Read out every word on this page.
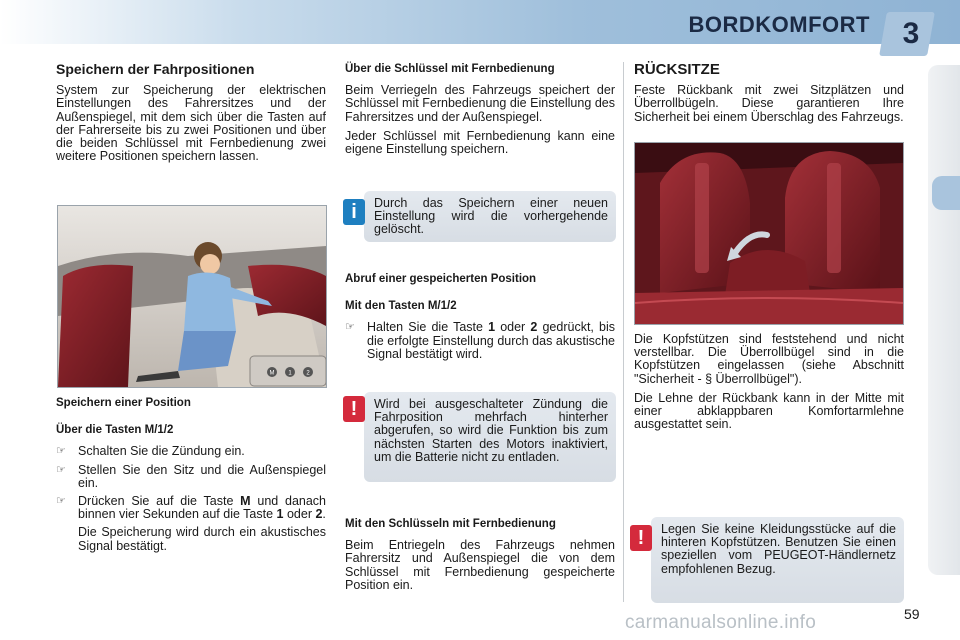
BORDKOMFORT	3
Speichern der Fahrpositionen

System zur Speicherung der elektrischen Einstellungen des Fahrersitzes und der Außenspiegel, mit dem sich über die Tasten auf der Fahrerseite bis zu zwei Positionen und über die beiden Schlüssel mit Fernbedienung zwei weitere Positionen speichern lassen.

M 1 2
Speichern einer Position
Über die Tasten M/1/2
☞ Schalten Sie die Zündung ein.
☞ Stellen Sie den Sitz und die Außenspiegel ein.
☞ Drücken Sie auf die Taste M und danach binnen vier Sekunden auf die Taste 1 oder 2.

Die Speicherung wird durch ein akustisches Signal bestätigt.

Über die Schlüssel mit Fernbedienung

Beim Verriegeln des Fahrzeugs speichert der Schlüssel mit Fernbedienung die Einstellung des Fahrersitzes und der Außenspiegel.

Jeder Schlüssel mit Fernbedienung kann eine eigene Einstellung speichern.

Durch das Speichern einer neuen Einstellung wird die vorhergehende gelöscht.
i
Abruf einer gespeicherten Position
Mit den Tasten M/1/2
☞ Halten Sie die Taste 1 oder 2 gedrückt, bis die erfolgte Einstellung durch das akustische Signal bestätigt wird.
Wird bei ausgeschalteter Zündung die Fahrposition mehrfach hinterher abgerufen, so wird die Funktion bis zum nächsten Starten des Motors inaktiviert, um die Batterie nicht zu entladen.
!
Mit den Schlüsseln mit Fernbedienung

Beim Entriegeln des Fahrzeugs nehmen Fahrersitz und Außenspiegel die von dem Schlüssel mit Fernbedienung gespeicherte Position ein.

RÜCKSITZE

Feste Rückbank mit zwei Sitzplätzen und Überrollbügeln. Diese garantieren Ihre Sicherheit bei einem Überschlag des Fahrzeugs.

Die Kopfstützen sind feststehend und nicht verstellbar. Die Überrollbügel sind in die Kopfstützen eingelassen (siehe Abschnitt "Sicherheit - § Überrollbügel").

Die Lehne der Rückbank kann in der Mitte mit einer abklappbaren Komfortarmlehne ausgestattet sein.

Legen Sie keine Kleidungsstücke auf die hinteren Kopfstützen. Benutzen Sie einen speziellen vom PEUGEOT-Händlernetz empfohlenen Bezug.
!
59
carmanualsonline.info
